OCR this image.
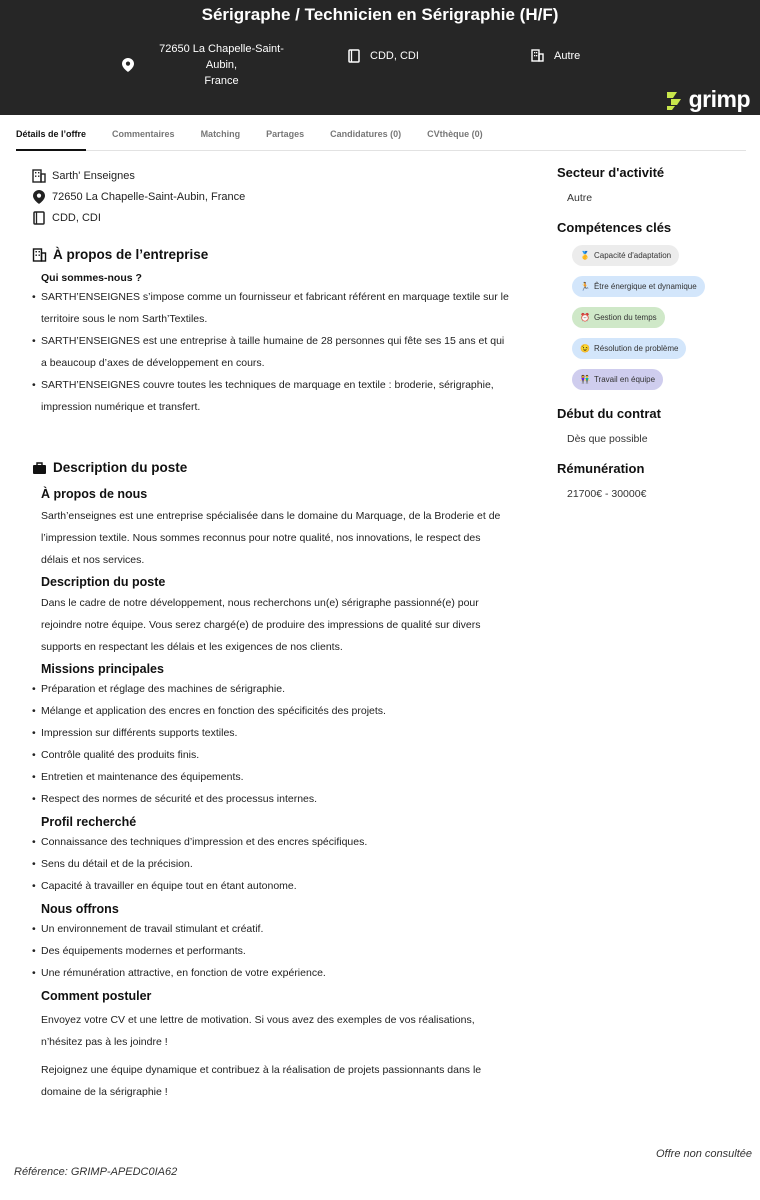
Sérigraphe / Technicien en Sérigraphie (H/F)
72650 La Chapelle-Saint-Aubin,
France
CDD, CDI	Autre
grimp
Détails de l’offre	Commentaires	Matching	Partages	Candidatures (0)	CVthèque (0)
Sarth' Enseignes
72650 La Chapelle-Saint-Aubin, France
CDD, CDI
À propos de l’entreprise
Qui sommes-nous ?
• SARTH’ENSEIGNES s’impose comme un fournisseur et fabricant référent en marquage textile sur le
territoire sous le nom Sarth’Textiles.
• SARTH’ENSEIGNES est une entreprise à taille humaine de 28 personnes qui fête ses 15 ans et qui
a beaucoup d’axes de développement en cours.
• SARTH’ENSEIGNES couvre toutes les techniques de marquage en textile : broderie, sérigraphie,
impression numérique et transfert.
Description du poste
À propos de nous
Sarth’enseignes est une entreprise spécialisée dans le domaine du Marquage, de la Broderie et de
l’impression textile. Nous sommes reconnus pour notre qualité, nos innovations, le respect des
délais et nos services.
Description du poste
Dans le cadre de notre développement, nous recherchons un(e) sérigraphe passionné(e) pour
rejoindre notre équipe. Vous serez chargé(e) de produire des impressions de qualité sur divers
supports en respectant les délais et les exigences de nos clients.
Missions principales
• Préparation et réglage des machines de sérigraphie.
• Mélange et application des encres en fonction des spécificités des projets.
• Impression sur différents supports textiles.
• Contrôle qualité des produits finis.
• Entretien et maintenance des équipements.
• Respect des normes de sécurité et des processus internes.
Profil recherché
• Connaissance des techniques d’impression et des encres spécifiques.
• Sens du détail et de la précision.
• Capacité à travailler en équipe tout en étant autonome.
Nous offrons
• Un environnement de travail stimulant et créatif.
• Des équipements modernes et performants.
• Une rémunération attractive, en fonction de votre expérience.
Comment postuler
Envoyez votre CV et une lettre de motivation. Si vous avez des exemples de vos réalisations,
n’hésitez pas à les joindre !
Rejoignez une équipe dynamique et contribuez à la réalisation de projets passionnants dans le
domaine de la sérigraphie !
Secteur d'activité
Autre
Compétences clés
🥇 Capacité d'adaptation
🏃 Être énergique et dynamique
⏰ Gestion du temps
😉 Résolution de problème
👫 Travail en équipe
Début du contrat
Dès que possible
Rémunération
21700€ - 30000€
Offre non consultée
Référence: GRIMP-APEDC0IA62
